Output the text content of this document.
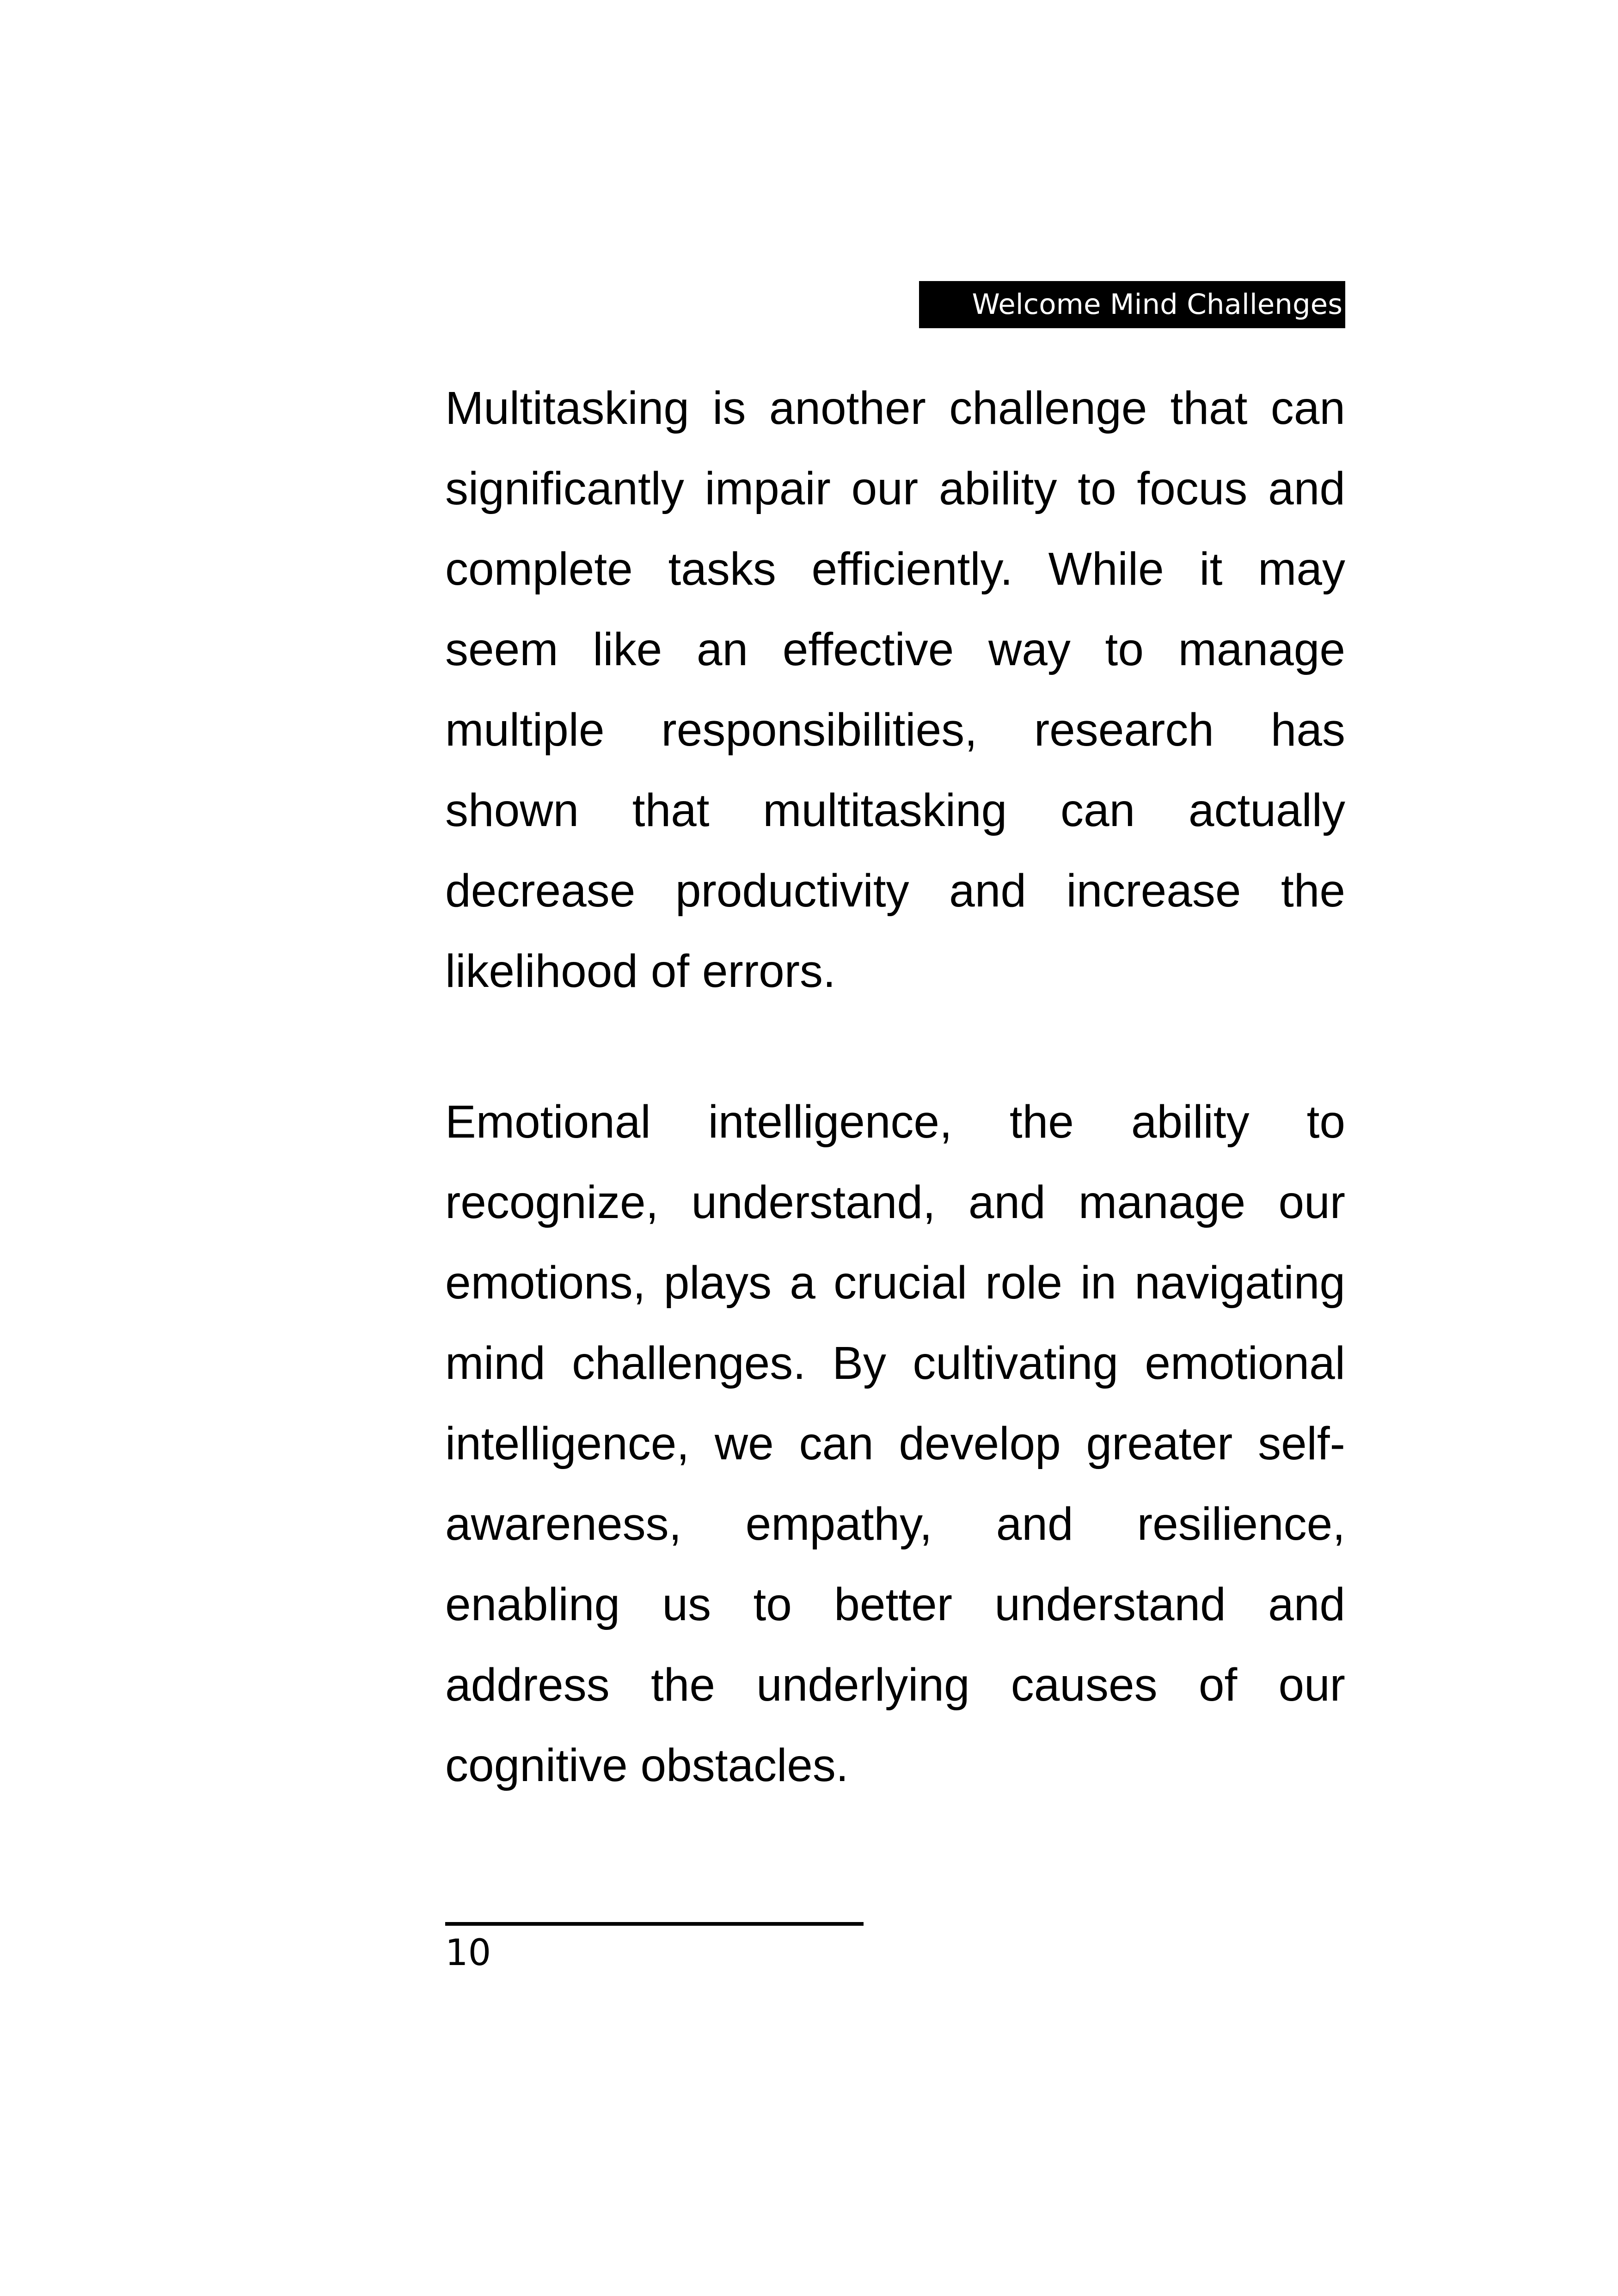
Welcome Mind Challenges

Multitasking is another challenge that can significantly impair our ability to focus and complete tasks efficiently. While it may seem like an effective way to manage multiple responsibilities, research has shown that multitasking can actually decrease productivity and increase the likelihood of errors.

Emotional intelligence, the ability to recognize, understand, and manage our emotions, plays a crucial role in navigating mind challenges. By cultivating emotional intelligence, we can develop greater self-awareness, empathy, and resilience, enabling us to better understand and address the underlying causes of our cognitive obstacles.

10
